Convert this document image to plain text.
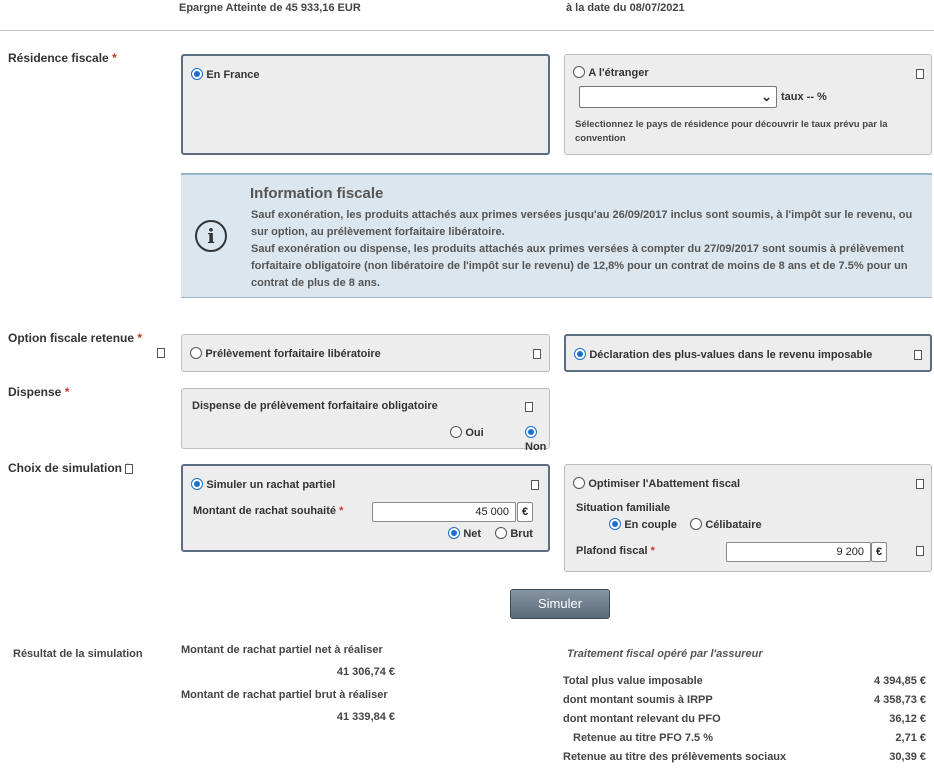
Epargne Atteinte de 45 933,16 EUR	à la date du 08/07/2021
Résidence fiscale *
En France	A l'étranger
⌄ taux -- %
Sélectionnez le pays de résidence pour découvrir le taux prévu par la convention
i
Information fiscale
Sauf exonération, les produits attachés aux primes versées jusqu'au 26/09/2017 inclus sont soumis, à l'impôt sur le revenu, ou sur option, au prélèvement forfaitaire libératoire.
Sauf exonération ou dispense, les produits attachés aux primes versées à compter du 27/09/2017 sont soumis à prélèvement forfaitaire obligatoire (non libératoire de l'impôt sur le revenu) de 12,8% pour un contrat de moins de 8 ans et de 7.5% pour un contrat de plus de 8 ans.
Option fiscale retenue *
Prélèvement forfaitaire libératoire	Déclaration des plus-values dans le revenu imposable
Dispense *
Dispense de prélèvement forfaitaire obligatoire
Oui
Non
Choix de simulation
Simuler un rachat partiel
Montant de rachat souhaité *	45 000	€
Net	Brut
Optimiser l'Abattement fiscal
Situation familiale
En couple	Célibataire
Plafond fiscal *	9 200	€
Simuler
Résultat de la simulation	Montant de rachat partiel net à réaliser
41 306,74 €
Montant de rachat partiel brut à réaliser
41 339,84 €
Traitement fiscal opéré par l'assureur
Total plus value imposable	4 394,85 €
dont montant soumis à IRPP	4 358,73 €
dont montant relevant du PFO	36,12 €
Retenue au titre PFO 7.5 %	2,71 €
Retenue au titre des prélèvements sociaux	30,39 €
